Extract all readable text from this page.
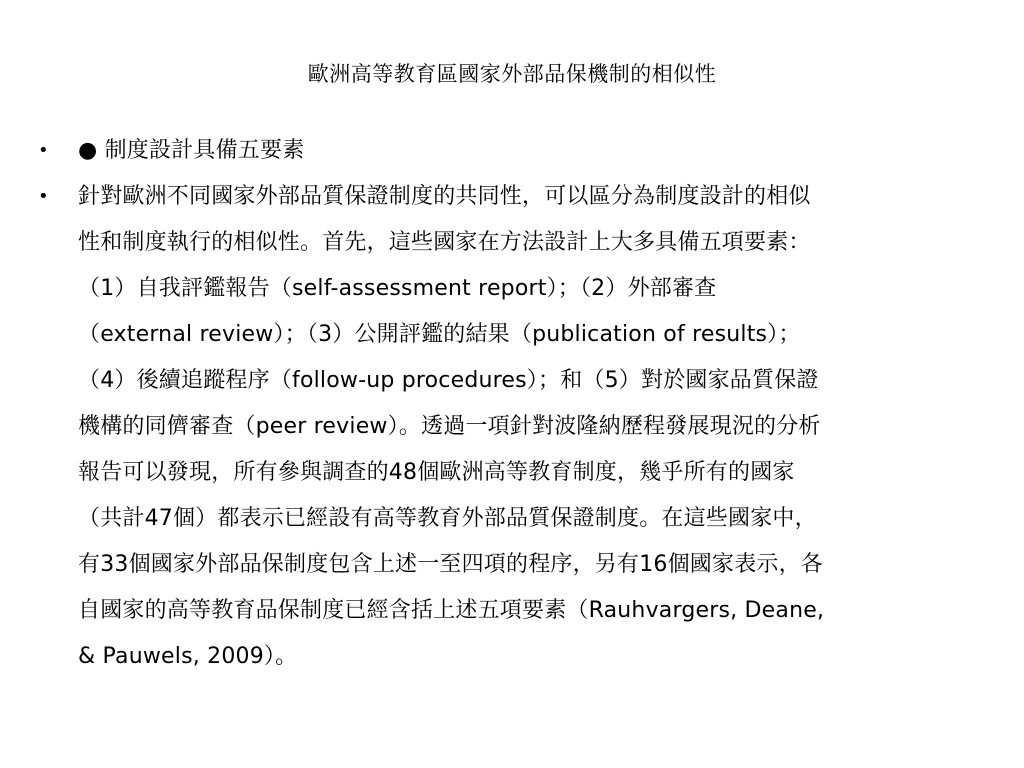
歐洲高等教育區國家外部品保機制的相似性
• ● 制度設計具備五要素
• 針對歐洲不同國家外部品質保證制度的共同性，可以區分為制度設計的相似
性和制度執行的相似性。首先，這些國家在方法設計上大多具備五項要素：
（1）自我評鑑報告（self-assessment report）；（2）外部審查
（external review）；（3）公開評鑑的結果（publication of results）；
（4）後續追蹤程序（follow-up procedures）；和（5）對於國家品質保證
機構的同儕審查（peer review）。透過一項針對波隆納歷程發展現況的分析
報告可以發現，所有參與調查的48個歐洲高等教育制度，幾乎所有的國家
（共計47個）都表示已經設有高等教育外部品質保證制度。在這些國家中，
有33個國家外部品保制度包含上述一至四項的程序，另有16個國家表示，各
自國家的高等教育品保制度已經含括上述五項要素（Rauhvargers, Deane,
& Pauwels, 2009）。
